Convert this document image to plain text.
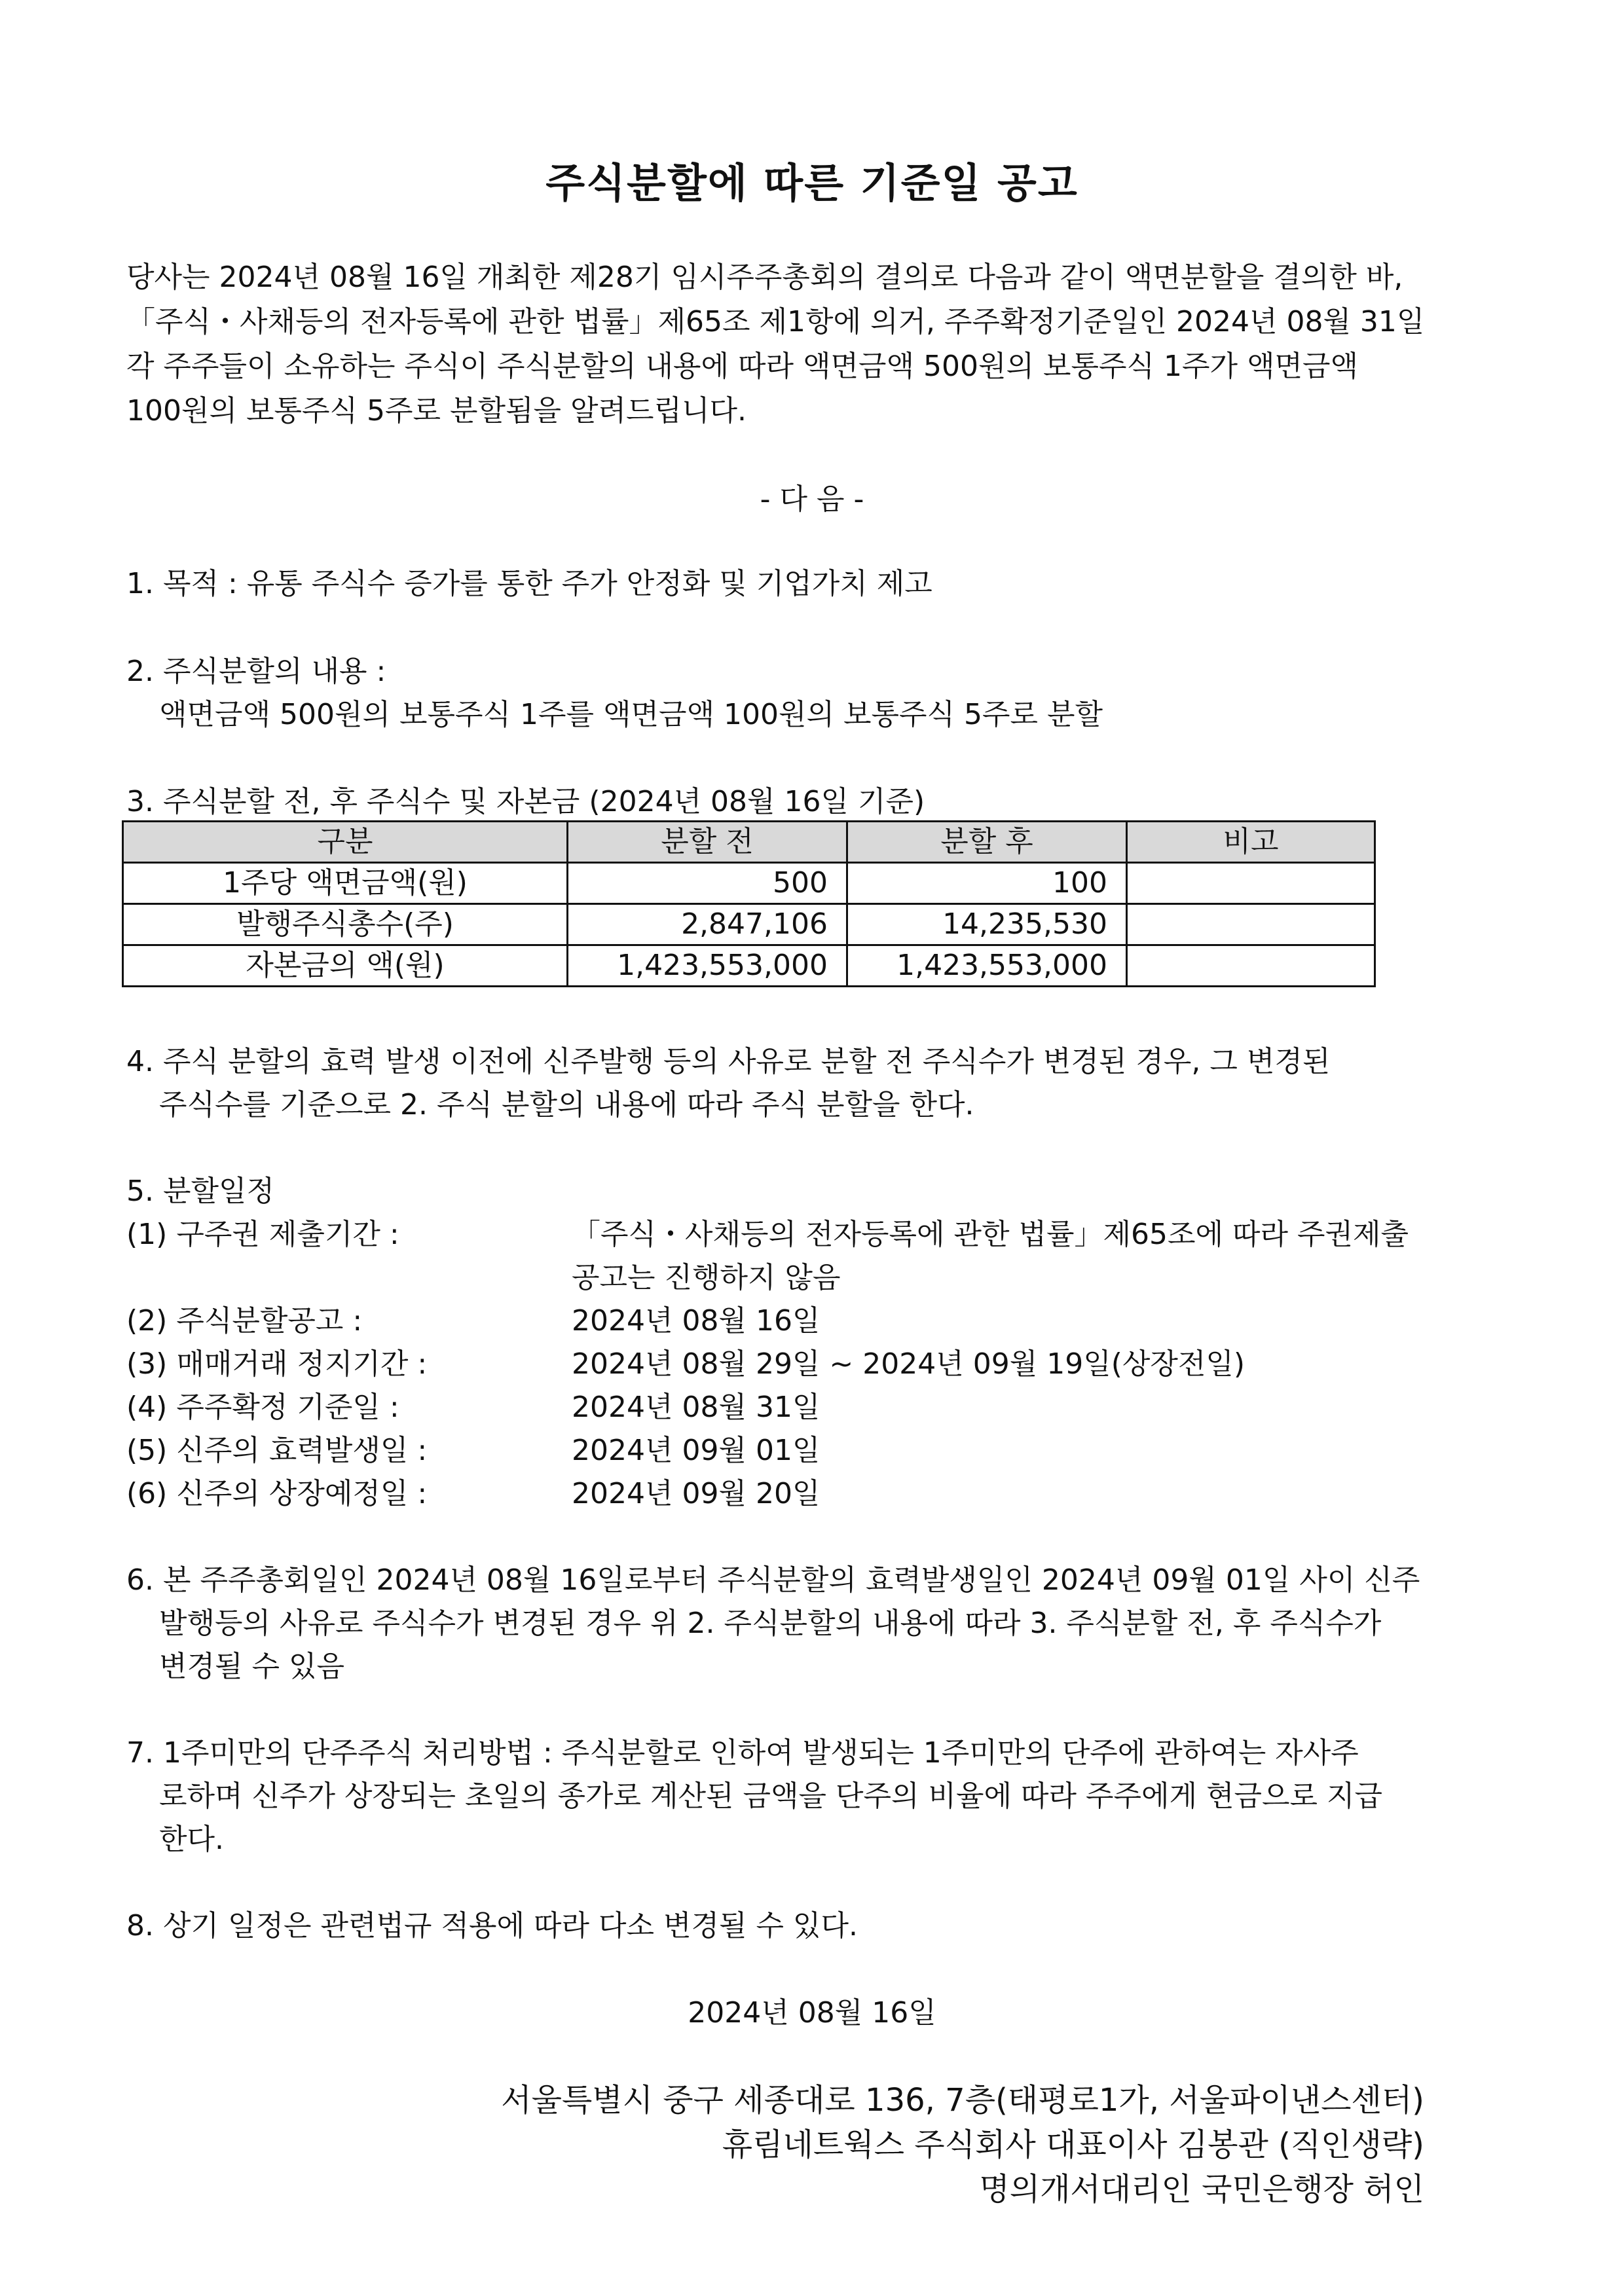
주식분할에 따른 기준일 공고
당사는 2024년 08월 16일 개최한 제28기 임시주주총회의 결의로 다음과 같이 액면분할을 결의한 바,
「주식・사채등의 전자등록에 관한 법률」제65조 제1항에 의거, 주주확정기준일인 2024년 08월 31일
각 주주들이 소유하는 주식이 주식분할의 내용에 따라 액면금액 500원의 보통주식 1주가 액면금액
100원의 보통주식 5주로 분할됨을 알려드립니다.
- 다 음 -
1. 목적 : 유통 주식수 증가를 통한 주가 안정화 및 기업가치 제고
2. 주식분할의 내용 :
액면금액 500원의 보통주식 1주를 액면금액 100원의 보통주식 5주로 분할
3. 주식분할 전, 후 주식수 및 자본금 (2024년 08월 16일 기준)
구분	분할 전	분할 후	비고
1주당 액면금액(원)	500	100	
발행주식총수(주)	2,847,106	14,235,530	
자본금의 액(원)	1,423,553,000	1,423,553,000	
4. 주식 분할의 효력 발생 이전에 신주발행 등의 사유로 분할 전 주식수가 변경된 경우, 그 변경된
주식수를 기준으로 2. 주식 분할의 내용에 따라 주식 분할을 한다.
5. 분할일정
(1) 구주권 제출기간 :	「주식・사채등의 전자등록에 관한 법률」제65조에 따라 주권제출
공고는 진행하지 않음
(2) 주식분할공고 :	2024년 08월 16일
(3) 매매거래 정지기간 :	2024년 08월 29일 ~ 2024년 09월 19일(상장전일)
(4) 주주확정 기준일 :	2024년 08월 31일
(5) 신주의 효력발생일 :	2024년 09월 01일
(6) 신주의 상장예정일 :	2024년 09월 20일
6. 본 주주총회일인 2024년 08월 16일로부터 주식분할의 효력발생일인 2024년 09월 01일 사이 신주
발행등의 사유로 주식수가 변경된 경우 위 2. 주식분할의 내용에 따라 3. 주식분할 전, 후 주식수가
변경될 수 있음
7. 1주미만의 단주주식 처리방법 : 주식분할로 인하여 발생되는 1주미만의 단주에 관하여는 자사주
로하며 신주가 상장되는 초일의 종가로 계산된 금액을 단주의 비율에 따라 주주에게 현금으로 지급
한다.
8. 상기 일정은 관련법규 적용에 따라 다소 변경될 수 있다.
2024년 08월 16일
서울특별시 중구 세종대로 136, 7층(태평로1가, 서울파이낸스센터)
휴림네트웍스 주식회사 대표이사 김봉관 (직인생략)
명의개서대리인 국민은행장 허인
